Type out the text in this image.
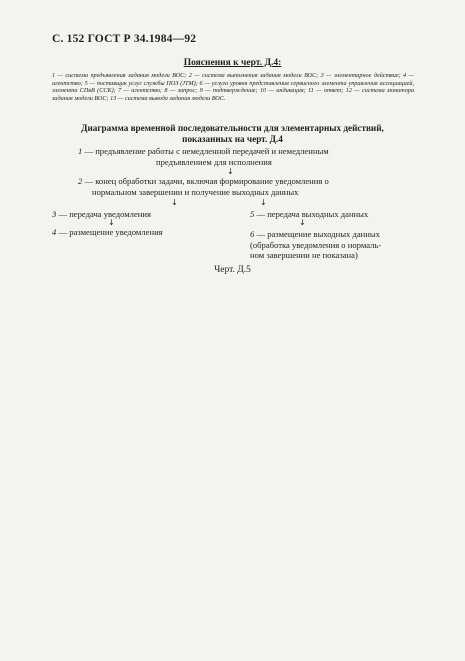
С. 152 ГОСТ Р 34.1984—92
Пояснения к черт. Д.4:
1 — система предъявления задания модели ВОС; 2 — система выполнения задания модели ВОС; 3 — элементарное действие; 4 — агентство; 5 — поставщик услуг службы ПОЗ (JTM); 6 — услуга уровня представления сервисного элемента управления ассоциацией, элемента СПвВ (ССК); 7 — агентство; 8 — запрос; 9 — подтверждение; 10 — индикация; 11 — ответ; 12 — система монитора задания модели ВОС; 13 — система вывода задания модели ВОС.
Диаграмма временной последовательности для элементарных действий,
показанных на черт. Д.4
1 — предъявление работы с немедленной передачей и немедленным
предъявлением для исполнения
↓
2 — конец обработки задачи, включая формирование уведомления о
нормальном завершении и получение выходных данных
↓	↓
3 — передача уведомления	5 — передача выходных данных
↓	↓
4 — размещение уведомления	6 — размещение выходных данных
(обработка уведомления о нормаль-
ном завершении не показана)
Черт. Д.5
